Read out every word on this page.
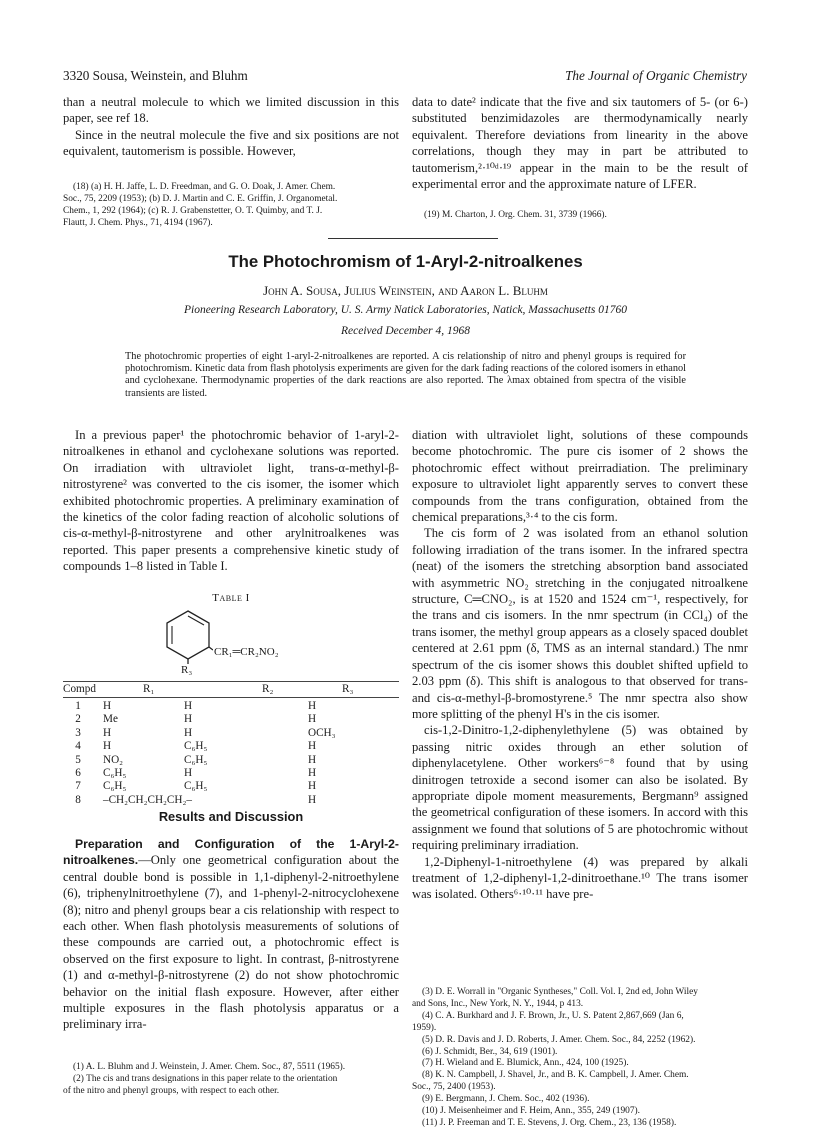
3320 Sousa, Weinstein, and Bluhm	The Journal of Organic Chemistry

than a neutral molecule to which we limited discussion in this paper, see ref 18.

Since in the neutral molecule the five and six positions are not equivalent, tautomerism is possible. However,

(18) (a) H. H. Jaffe, L. D. Freedman, and G. O. Doak, J. Amer. Chem.
Soc., 75, 2209 (1953); (b) D. J. Martin and C. E. Griffin, J. Organometal.
Chem., 1, 292 (1964); (c) R. J. Grabenstetter, O. T. Quimby, and T. J.
Flautt, J. Chem. Phys., 71, 4194 (1967).

data to date² indicate that the five and six tautomers of 5- (or 6-) substituted benzimidazoles are thermodynamically nearly equivalent. Therefore deviations from linearity in the above correlations, though they may in part be attributed to tautomerism,²·¹⁰ᵈ·¹⁹ appear in the main to be the result of experimental error and the approximate nature of LFER.

(19) M. Charton, J. Org. Chem. 31, 3739 (1966).
The Photochromism of 1-Aryl-2-nitroalkenes
John A. Sousa, Julius Weinstein, and Aaron L. Bluhm
Pioneering Research Laboratory, U. S. Army Natick Laboratories, Natick, Massachusetts 01760
Received December 4, 1968
The photochromic properties of eight 1-aryl-2-nitroalkenes are reported. A cis relationship of nitro and phenyl groups is required for photochromism. Kinetic data from flash photolysis experiments are given for the dark fading reactions of the colored isomers in ethanol and cyclohexane. Thermodynamic properties of the dark reactions are also reported. The λmax obtained from spectra of the visible transients are listed.

In a previous paper¹ the photochromic behavior of 1-aryl-2-nitroalkenes in ethanol and cyclohexane solutions was reported. On irradiation with ultraviolet light, trans-α-methyl-β-nitrostyrene² was converted to the cis isomer, the isomer which exhibited photochromic properties. A preliminary examination of the kinetics of the color fading reaction of alcoholic solutions of cis-α-methyl-β-nitrostyrene and other arylnitroalkenes was reported. This paper presents a comprehensive kinetic study of compounds 1–8 listed in Table I.

Table I
CR₁═CR₂NO₂
R₃
Compd	R₁	R₂	R₃
1	H	H	H
2	Me	H	H
3	H	H	OCH₃
4	H	C₆H₅	H
5	NO₂	C₆H₅	H
6	C₆H₅	H	H
7	C₆H₅	C₆H₅	H
8	–CH₂CH₂CH₂CH₂–		H
Results and Discussion

Preparation and Configuration of the 1-Aryl-2-nitroalkenes.—Only one geometrical configuration about the central double bond is possible in 1,1-diphenyl-2-nitroethylene (6), triphenylnitroethylene (7), and 1-phenyl-2-nitrocyclohexene (8); nitro and phenyl groups bear a cis relationship with respect to each other. When flash photolysis measurements of solutions of these compounds are carried out, a photochromic effect is observed on the first exposure to light. In contrast, β-nitrostyrene (1) and α-methyl-β-nitrostyrene (2) do not show photochromic behavior on the initial flash exposure. However, after either multiple exposures in the flash photolysis apparatus or a preliminary irra-

(1) A. L. Bluhm and J. Weinstein, J. Amer. Chem. Soc., 87, 5511 (1965).
(2) The cis and trans designations in this paper relate to the orientation
of the nitro and phenyl groups, with respect to each other.

diation with ultraviolet light, solutions of these compounds become photochromic. The pure cis isomer of 2 shows the photochromic effect without preirradiation. The preliminary exposure to ultraviolet light apparently serves to convert these compounds from the trans configuration, obtained from the chemical preparations,³·⁴ to the cis form.

The cis form of 2 was isolated from an ethanol solution following irradiation of the trans isomer. In the infrared spectra (neat) of the isomers the stretching absorption band associated with asymmetric NO₂ stretching in the conjugated nitroalkene structure, C═CNO₂, is at 1520 and 1524 cm⁻¹, respectively, for the trans and cis isomers. In the nmr spectrum (in CCl₄) of the trans isomer, the methyl group appears as a closely spaced doublet centered at 2.61 ppm (δ, TMS as an internal standard.) The nmr spectrum of the cis isomer shows this doublet shifted upfield to 2.03 ppm (δ). This shift is analogous to that observed for trans- and cis-α-methyl-β-bromostyrene.⁵ The nmr spectra also show more splitting of the phenyl H's in the cis isomer.

cis-1,2-Dinitro-1,2-diphenylethylene (5) was obtained by passing nitric oxides through an ether solution of diphenylacetylene. Other workers⁶⁻⁸ found that by using dinitrogen tetroxide a second isomer can also be isolated. By appropriate dipole moment measurements, Bergmann⁹ assigned the geometrical configuration of these isomers. In accord with this assignment we found that solutions of 5 are photochromic without requiring preliminary irradiation.

1,2-Diphenyl-1-nitroethylene (4) was prepared by alkali treatment of 1,2-diphenyl-1,2-dinitroethane.¹⁰ The trans isomer was isolated. Others⁶·¹⁰·¹¹ have pre-

(3) D. E. Worrall in "Organic Syntheses," Coll. Vol. I, 2nd ed, John Wiley
and Sons, Inc., New York, N. Y., 1944, p 413.
(4) C. A. Burkhard and J. F. Brown, Jr., U. S. Patent 2,867,669 (Jan 6,
1959).
(5) D. R. Davis and J. D. Roberts, J. Amer. Chem. Soc., 84, 2252 (1962).
(6) J. Schmidt, Ber., 34, 619 (1901).
(7) H. Wieland and E. Blumick, Ann., 424, 100 (1925).
(8) K. N. Campbell, J. Shavel, Jr., and B. K. Campbell, J. Amer. Chem.
Soc., 75, 2400 (1953).
(9) E. Bergmann, J. Chem. Soc., 402 (1936).
(10) J. Meisenheimer and F. Heim, Ann., 355, 249 (1907).
(11) J. P. Freeman and T. E. Stevens, J. Org. Chem., 23, 136 (1958).
